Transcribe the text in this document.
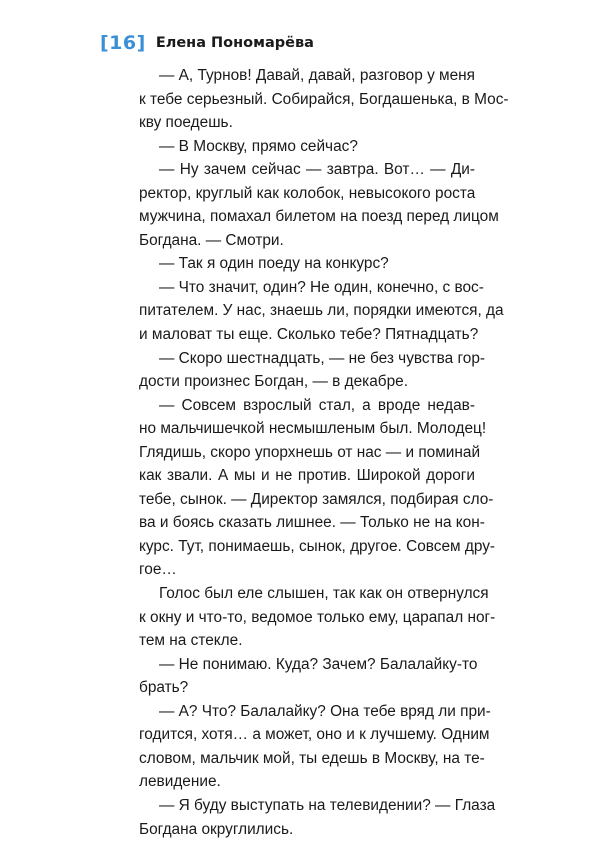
[16] Елена Пономарёва
— А, Турнов! Давай, давай, разговор у меня
к тебе серьезный. Собирайся, Богдашенька, в Мос-
кву поедешь.
— В Москву, прямо сейчас?
— Ну зачем сейчас — завтра. Вот… — Ди-
ректор, круглый как колобок, невысокого роста
мужчина, помахал билетом на поезд перед лицом
Богдана. — Смотри.
— Так я один поеду на конкурс?
— Что значит, один? Не один, конечно, с вос-
питателем. У нас, знаешь ли, порядки имеются, да
и маловат ты еще. Сколько тебе? Пятнадцать?
— Скоро шестнадцать, — не без чувства гор-
дости произнес Богдан, — в декабре.
— Совсем взрослый стал, а вроде недав-
но мальчишечкой несмышленым был. Молодец!
Глядишь, скоро упорхнешь от нас — и поминай
как звали. А мы и не против. Широкой дороги
тебе, сынок. — Директор замялся, подбирая сло-
ва и боясь сказать лишнее. — Только не на кон-
курс. Тут, понимаешь, сынок, другое. Совсем дру-
гое…
Голос был еле слышен, так как он отвернулся
к окну и что-то, ведомое только ему, царапал ног-
тем на стекле.
— Не понимаю. Куда? Зачем? Балалайку-то
брать?
— А? Что? Балалайку? Она тебе вряд ли при-
годится, хотя… а может, оно и к лучшему. Одним
словом, мальчик мой, ты едешь в Москву, на те-
левидение.
— Я буду выступать на телевидении? — Глаза
Богдана округлились.
